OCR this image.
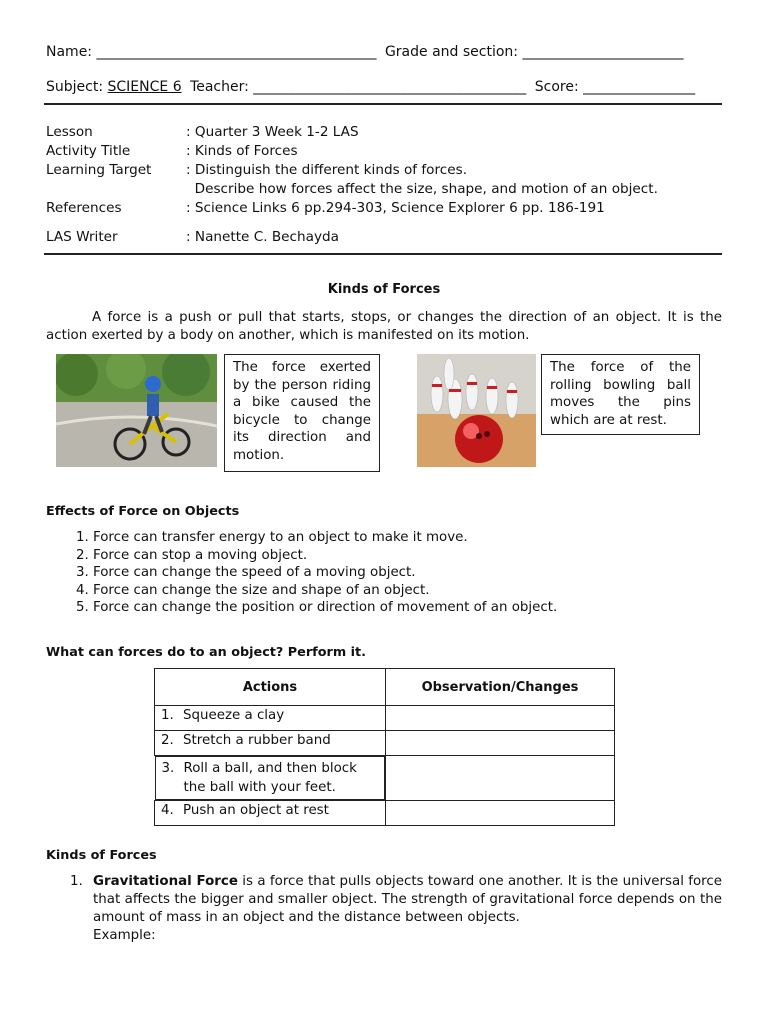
Name: ________________________________________ Grade and section: _______________________
Subject: SCIENCE 6 Teacher: _______________________________________ Score: ________________
Lesson	: Quarter 3 Week 1-2 LAS
Activity Title	: Kinds of Forces
Learning Target	: Distinguish the different kinds of forces.
Describe how forces affect the size, shape, and motion of an object.
References	: Science Links 6 pp.294-303, Science Explorer 6 pp. 186-191
LAS Writer	: Nanette C. Bechayda
Kinds of Forces
A force is a push or pull that starts, stops, or changes the direction of an object. It is the action exerted by a body on another, which is manifested on its motion.
The force exerted by the person riding a bike caused the bicycle to change its direction and motion.
The force of the rolling bowling ball moves the pins which are at rest.
Effects of Force on Objects
1. Force can transfer energy to an object to make it move.
2. Force can stop a moving object.
3. Force can change the speed of a moving object.
4. Force can change the size and shape of an object.
5. Force can change the position or direction of movement of an object.
What can forces do to an object? Perform it.
Actions	Observation/Changes
1. Squeeze a clay	
2. Stretch a rubber band	

3. Roll a ball, and then block the ball with your feet.

4. Push an object at rest	
Kinds of Forces
1. Gravitational Force is a force that pulls objects toward one another. It is the universal force that affects the bigger and smaller object. The strength of gravitational force depends on the amount of mass in an object and the distance between objects.
Example:
